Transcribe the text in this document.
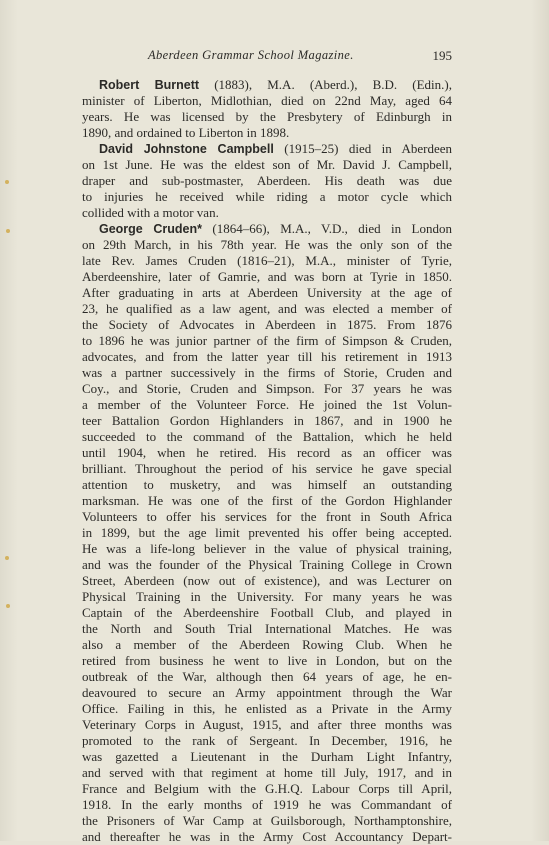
Aberdeen Grammar School Magazine.	195
Robert Burnett (1883), M.A. (Aberd.), B.D. (Edin.),
minister of Liberton, Midlothian, died on 22nd May, aged 64
years. He was licensed by the Presbytery of Edinburgh in
1890, and ordained to Liberton in 1898.
David Johnstone Campbell (1915–25) died in Aberdeen
on 1st June. He was the eldest son of Mr. David J. Campbell,
draper and sub-postmaster, Aberdeen. His death was due
to injuries he received while riding a motor cycle which
collided with a motor van.
George Cruden* (1864–66), M.A., V.D., died in London
on 29th March, in his 78th year. He was the only son of the
late Rev. James Cruden (1816–21), M.A., minister of Tyrie,
Aberdeenshire, later of Gamrie, and was born at Tyrie in 1850.
After graduating in arts at Aberdeen University at the age of
23, he qualified as a law agent, and was elected a member of
the Society of Advocates in Aberdeen in 1875. From 1876
to 1896 he was junior partner of the firm of Simpson & Cruden,
advocates, and from the latter year till his retirement in 1913
was a partner successively in the firms of Storie, Cruden and
Coy., and Storie, Cruden and Simpson. For 37 years he was
a member of the Volunteer Force. He joined the 1st Volun-
teer Battalion Gordon Highlanders in 1867, and in 1900 he
succeeded to the command of the Battalion, which he held
until 1904, when he retired. His record as an officer was
brilliant. Throughout the period of his service he gave special
attention to musketry, and was himself an outstanding
marksman. He was one of the first of the Gordon Highlander
Volunteers to offer his services for the front in South Africa
in 1899, but the age limit prevented his offer being accepted.
He was a life-long believer in the value of physical training,
and was the founder of the Physical Training College in Crown
Street, Aberdeen (now out of existence), and was Lecturer on
Physical Training in the University. For many years he was
Captain of the Aberdeenshire Football Club, and played in
the North and South Trial International Matches. He was
also a member of the Aberdeen Rowing Club. When he
retired from business he went to live in London, but on the
outbreak of the War, although then 64 years of age, he en-
deavoured to secure an Army appointment through the War
Office. Failing in this, he enlisted as a Private in the Army
Veterinary Corps in August, 1915, and after three months was
promoted to the rank of Sergeant. In December, 1916, he
was gazetted a Lieutenant in the Durham Light Infantry,
and served with that regiment at home till July, 1917, and in
France and Belgium with the G.H.Q. Labour Corps till April,
1918. In the early months of 1919 he was Commandant of
the Prisoners of War Camp at Guilsborough, Northamptonshire,
and thereafter he was in the Army Cost Accountancy Depart-
